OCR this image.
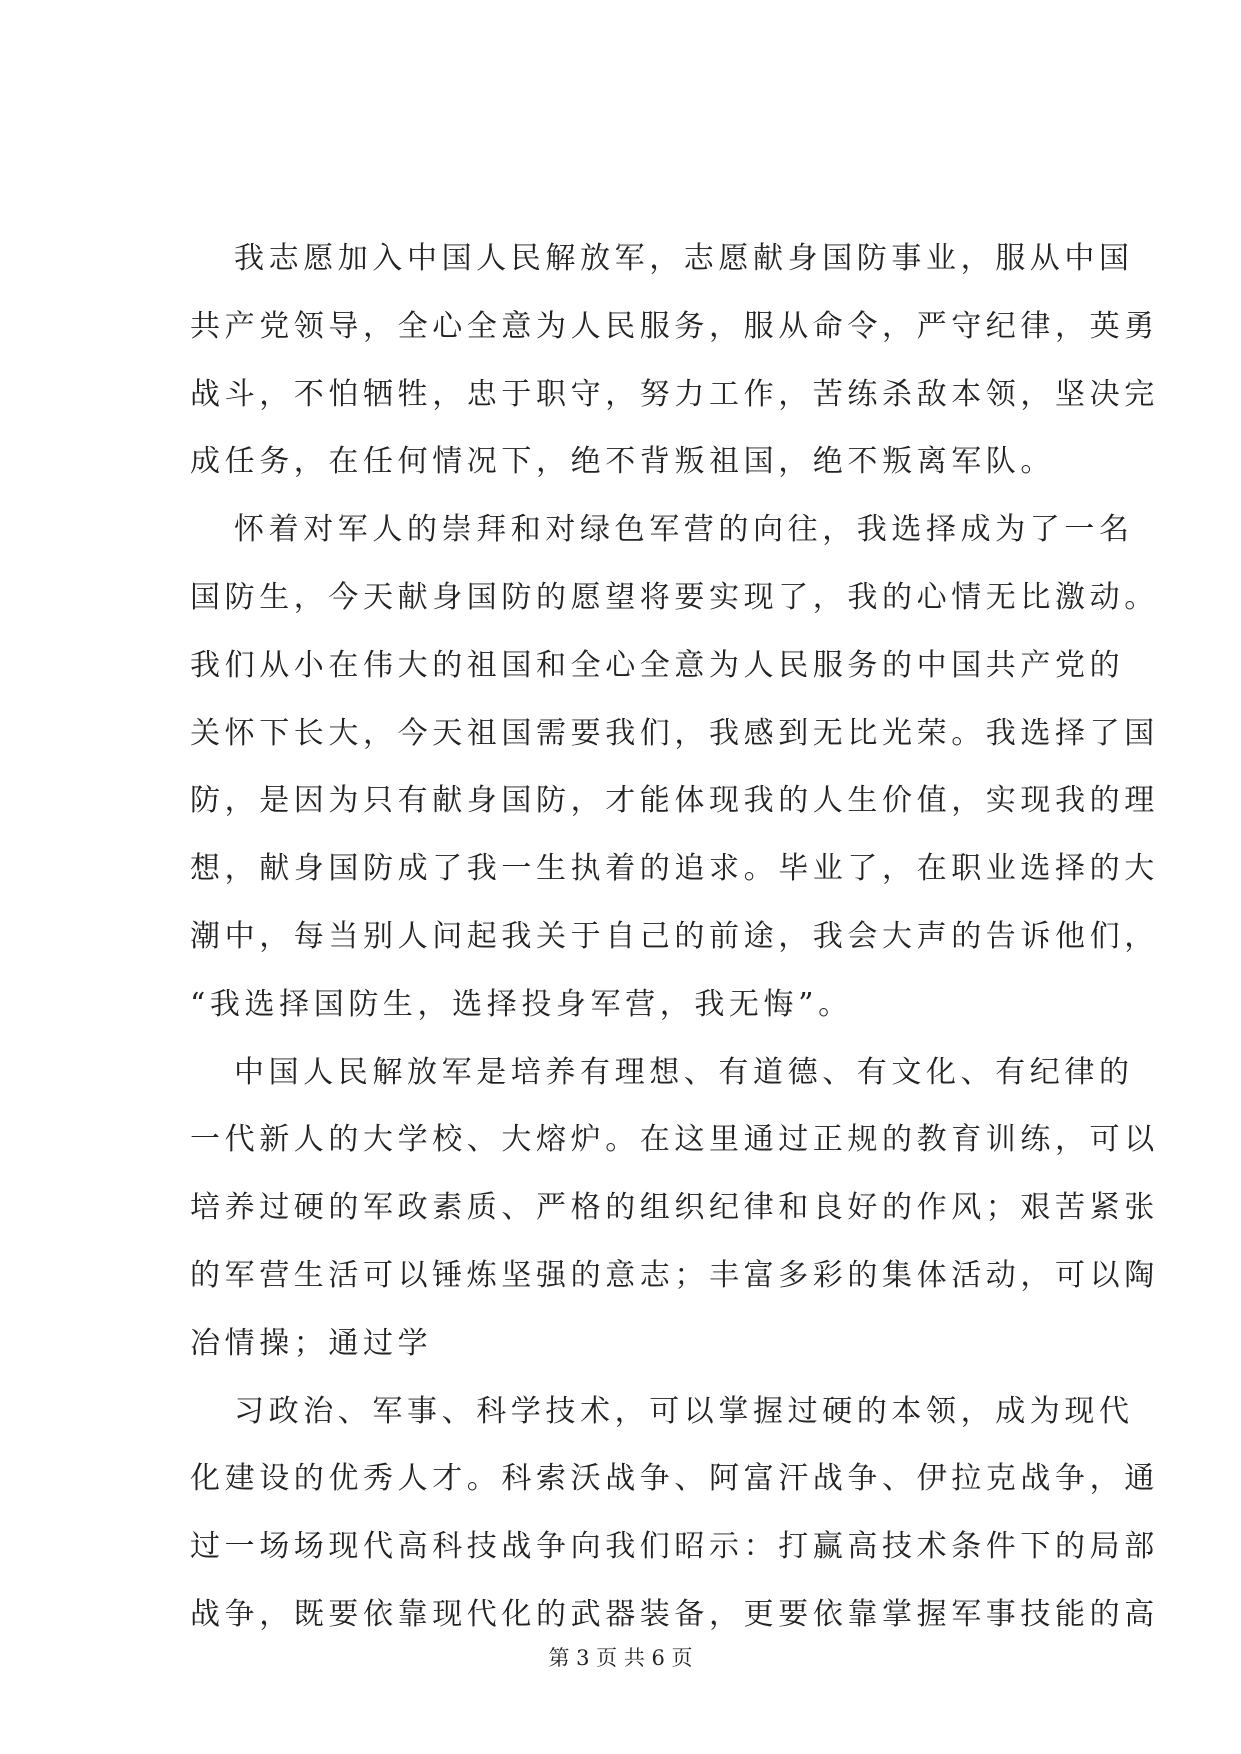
我志愿加入中国人民解放军，志愿献身国防事业，服从中国
共产党领导，全心全意为人民服务，服从命令，严守纪律，英勇
战斗，不怕牺牲，忠于职守，努力工作，苦练杀敌本领，坚决完
成任务，在任何情况下，绝不背叛祖国，绝不叛离军队。
怀着对军人的崇拜和对绿色军营的向往，我选择成为了一名
国防生，今天献身国防的愿望将要实现了，我的心情无比激动。
我们从小在伟大的祖国和全心全意为人民服务的中国共产党的
关怀下长大，今天祖国需要我们，我感到无比光荣。我选择了国
防，是因为只有献身国防，才能体现我的人生价值，实现我的理
想，献身国防成了我一生执着的追求。毕业了，在职业选择的大
潮中，每当别人问起我关于自己的前途，我会大声的告诉他们，
“我选择国防生，选择投身军营，我无悔”。
中国人民解放军是培养有理想、有道德、有文化、有纪律的
一代新人的大学校、大熔炉。在这里通过正规的教育训练，可以
培养过硬的军政素质、严格的组织纪律和良好的作风；艰苦紧张
的军营生活可以锤炼坚强的意志；丰富多彩的集体活动，可以陶
冶情操；通过学
习政治、军事、科学技术，可以掌握过硬的本领，成为现代
化建设的优秀人才。科索沃战争、阿富汗战争、伊拉克战争，通
过一场场现代高科技战争向我们昭示：打赢高技术条件下的局部
战争，既要依靠现代化的武器装备，更要依靠掌握军事技能的高
第 3 页 共 6 页
